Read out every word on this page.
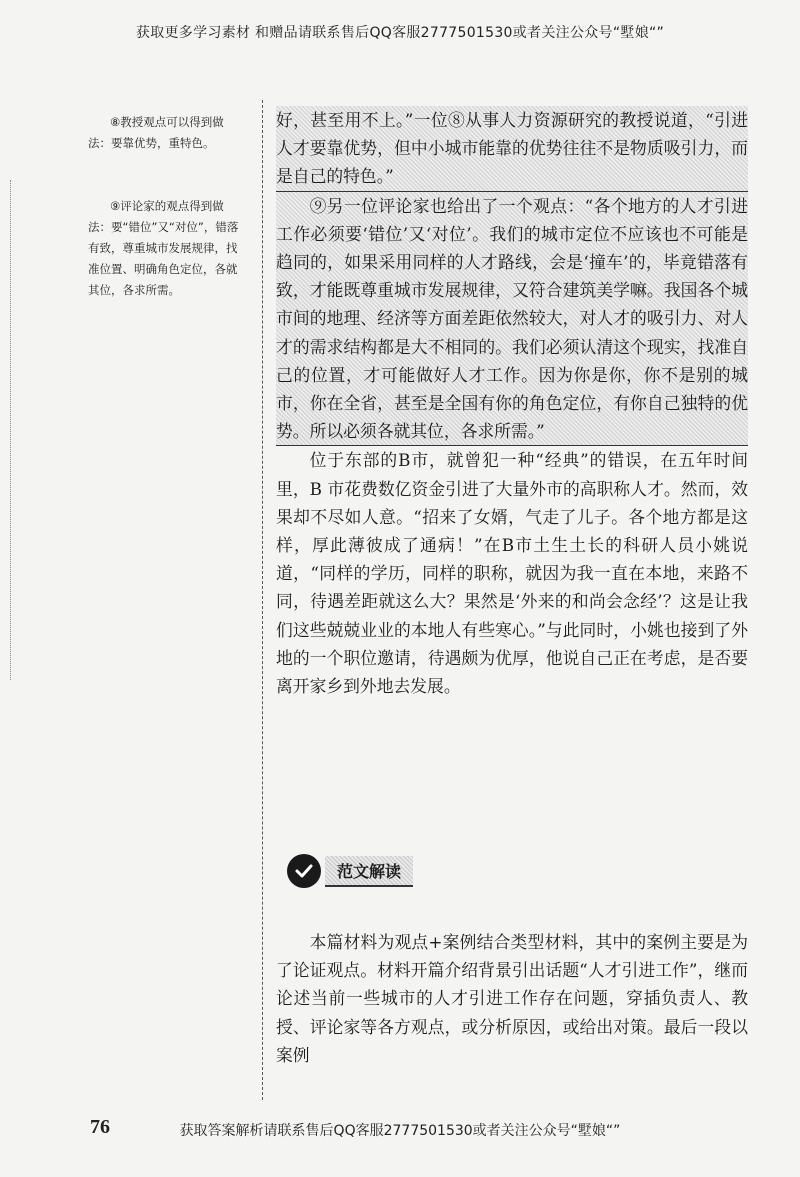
获取更多学习素材 和赠品请联系售后QQ客服2777501530或者关注公众号“墅娘“”

⑧教授观点可以得到做法：要靠优势，重特色。

⑨评论家的观点得到做法：要“错位”又“对位”，错落有致，尊重城市发展规律，找准位置、明确角色定位，各就其位，各求所需。

好，甚至用不上。”一位⑧从事人力资源研究的教授说道，“引进人才要靠优势，但中小城市能靠的优势往往不是物质吸引力，而是自己的特色。”

⑨另一位评论家也给出了一个观点：“各个地方的人才引进工作必须要‘错位’又‘对位’。我们的城市定位不应该也不可能是趋同的，如果采用同样的人才路线，会是‘撞车’的，毕竟错落有致，才能既尊重城市发展规律，又符合建筑美学嘛。我国各个城市间的地理、经济等方面差距依然较大，对人才的吸引力、对人才的需求结构都是大不相同的。我们必须认清这个现实，找准自己的位置，才可能做好人才工作。因为你是你，你不是别的城市，你在全省，甚至是全国有你的角色定位，有你自己独特的优势。所以必须各就其位，各求所需。”

位于东部的B市，就曾犯一种“经典”的错误，在五年时间里，B 市花费数亿资金引进了大量外市的高职称人才。然而，效果却不尽如人意。“招来了女婿，气走了儿子。各个地方都是这样，厚此薄彼成了通病！”在B市土生土长的科研人员小姚说道，“同样的学历，同样的职称，就因为我一直在本地，来路不同，待遇差距就这么大？果然是‘外来的和尚会念经’？这是让我们这些兢兢业业的本地人有些寒心。”与此同时，小姚也接到了外地的一个职位邀请，待遇颇为优厚，他说自己正在考虑，是否要离开家乡到外地去发展。

范文解读

本篇材料为观点+案例结合类型材料，其中的案例主要是为了论证观点。材料开篇介绍背景引出话题“人才引进工作”，继而论述当前一些城市的人才引进工作存在问题，穿插负责人、教授、评论家等各方观点，或分析原因，或给出对策。最后一段以案例

76	获取答案解析请联系售后QQ客服2777501530或者关注公众号“墅娘“”
